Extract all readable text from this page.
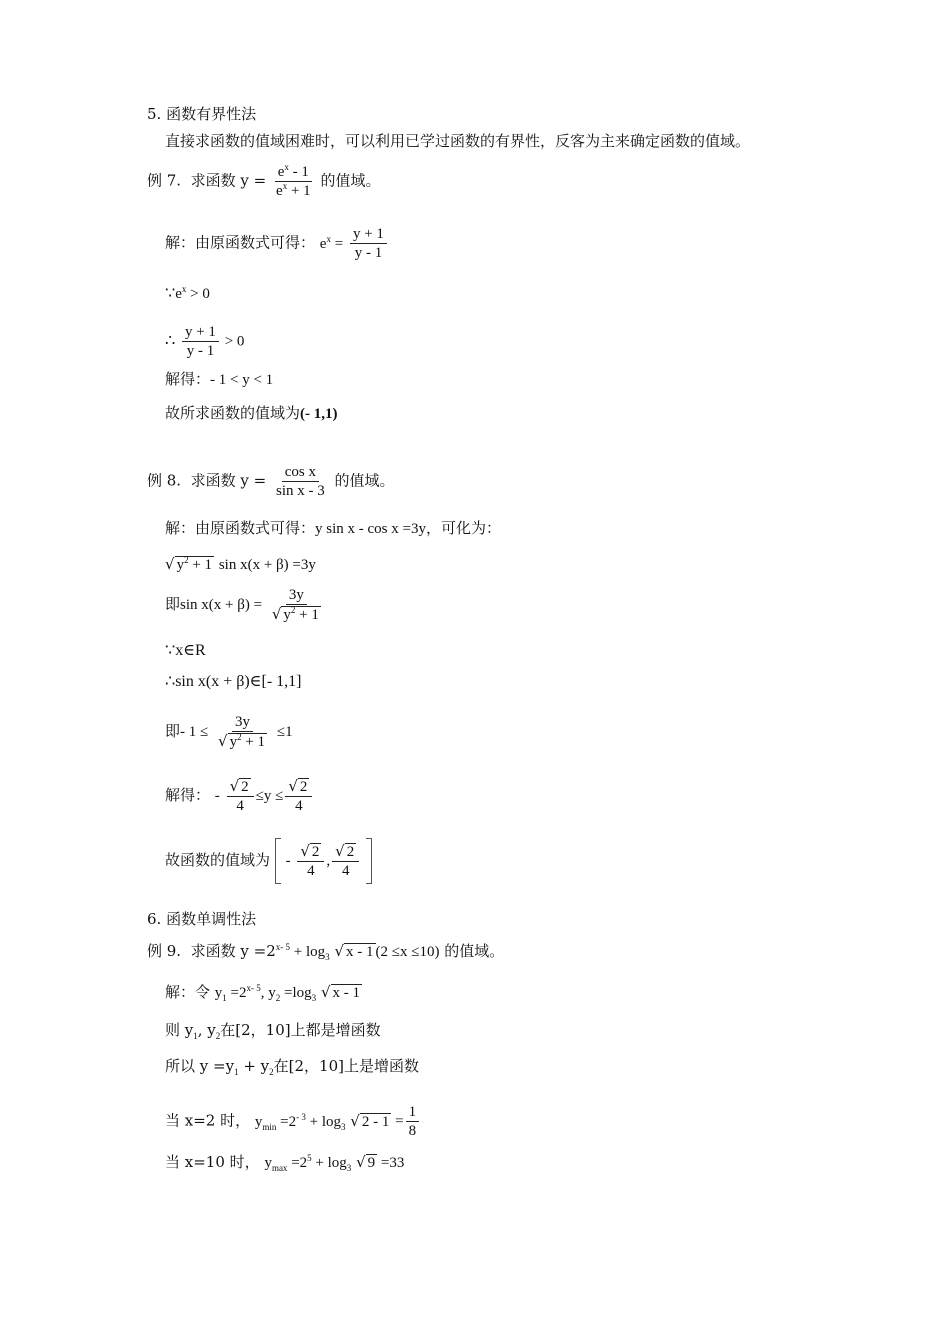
5. 函数有界性法
直接求函数的值域困难时，可以利用已学过函数的有界性，反客为主来确定函数的值域。
例 7. 求函数 $y = \frac{e^x - 1}{e^x + 1}$ 的值域。
解：由原函数式可得： $e^x = \frac{y + 1}{y - 1}$
$\because e^x > 0$
∴ $\frac{y + 1}{y - 1} > 0$
解得：- 1 < y < 1
故所求函数的值域为(- 1,1)
例 8. 求函数 $y = \frac{\text{cos x}}{\text{sin x - 3}}$ 的值域。
解：由原函数式可得：y sin x - cos x =3y，可化为：
√ $y^2 + 1$ sin x(x + β) =3y
即$\sin x(x + \beta) = \frac{3y}{√ y^2 + 1}$
∵x∈R
∴sin x(x + β)∈[- 1,1]
即- $1 \le \frac{3y}{√ y^2 + 1} \le 1$
解得： - $\frac{√ 2}{4} \le y \le \frac{√ 2}{4}$
故函数的值域为 - $\frac{√ 2}{4}$ , $\frac{√ 2}{4}$

6. 函数单调性法
例 9. 求函数 $y =2^{x- 5} + \log_3$ √ x - 1 (2 ≤x ≤10) 的值域。
解：令 $y_1 =2^{x- 5}$, $y_2 =\log_3$ √ x - 1
则 $y_1$, $y_2$在[2，10]上都是增函数
所以 $y =y_1 + y_2$在[2，10]上是增函数
当 x=2 时， $y_{min} =2^{- 3} + \log_3$ √ $2 - 1 = \frac{1}{8}$
当 x=10 时， $y_{max} =2^5 + \log_3$ √ 9 =33
